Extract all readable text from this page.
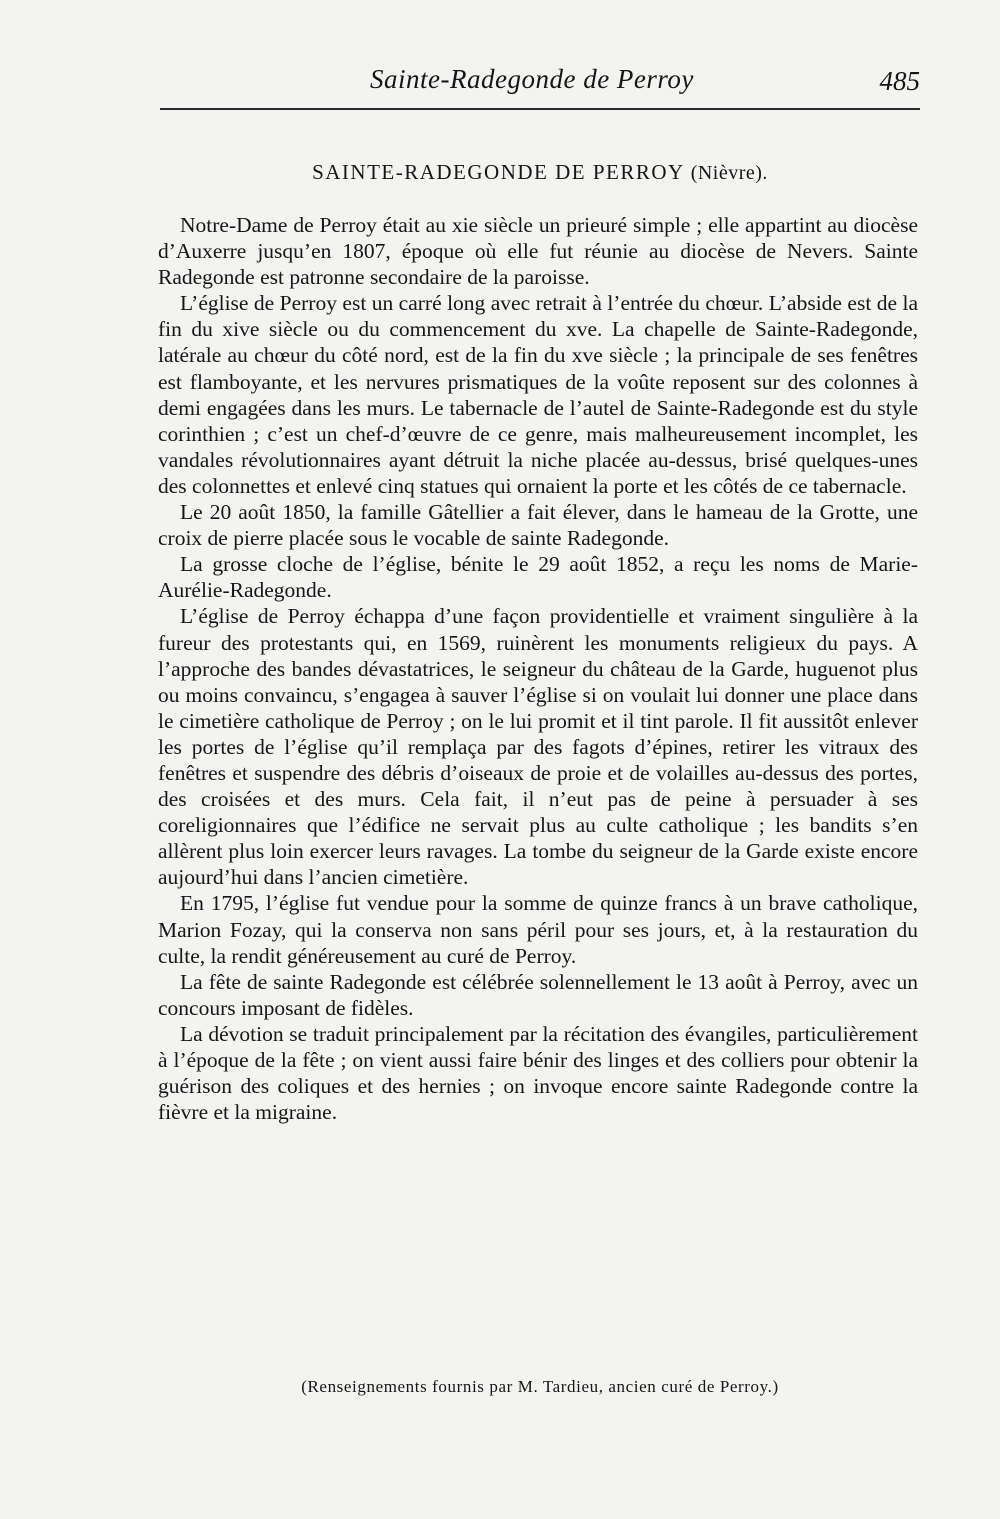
Sainte-Radegonde de Perroy	485
SAINTE-RADEGONDE DE PERROY (Nièvre).

Notre-Dame de Perroy était au xie siècle un prieuré simple ; elle appartint au diocèse d’Auxerre jusqu’en 1807, époque où elle fut réunie au diocèse de Nevers. Sainte Radegonde est patronne secondaire de la paroisse.

L’église de Perroy est un carré long avec retrait à l’entrée du chœur. L’abside est de la fin du xive siècle ou du commencement du xve. La chapelle de Sainte-Radegonde, latérale au chœur du côté nord, est de la fin du xve siècle ; la principale de ses fenêtres est flamboyante, et les nervures prismatiques de la voûte reposent sur des colonnes à demi engagées dans les murs. Le tabernacle de l’autel de Sainte-Radegonde est du style corinthien ; c’est un chef-d’œuvre de ce genre, mais malheureusement incomplet, les vandales révolutionnaires ayant détruit la niche placée au-dessus, brisé quelques-unes des colonnettes et enlevé cinq statues qui ornaient la porte et les côtés de ce tabernacle.

Le 20 août 1850, la famille Gâtellier a fait élever, dans le hameau de la Grotte, une croix de pierre placée sous le vocable de sainte Radegonde.

La grosse cloche de l’église, bénite le 29 août 1852, a reçu les noms de Marie-Aurélie-Radegonde.

L’église de Perroy échappa d’une façon providentielle et vraiment singulière à la fureur des protestants qui, en 1569, ruinèrent les monuments religieux du pays. A l’approche des bandes dévastatrices, le seigneur du château de la Garde, huguenot plus ou moins convaincu, s’engagea à sauver l’église si on voulait lui donner une place dans le cimetière catholique de Perroy ; on le lui promit et il tint parole. Il fit aussitôt enlever les portes de l’église qu’il remplaça par des fagots d’épines, retirer les vitraux des fenêtres et suspendre des débris d’oiseaux de proie et de volailles au-dessus des portes, des croisées et des murs. Cela fait, il n’eut pas de peine à persuader à ses coreligionnaires que l’édifice ne servait plus au culte catholique ; les bandits s’en allèrent plus loin exercer leurs ravages. La tombe du seigneur de la Garde existe encore aujourd’hui dans l’ancien cimetière.

En 1795, l’église fut vendue pour la somme de quinze francs à un brave catholique, Marion Fozay, qui la conserva non sans péril pour ses jours, et, à la restauration du culte, la rendit généreusement au curé de Perroy.

La fête de sainte Radegonde est célébrée solennellement le 13 août à Perroy, avec un concours imposant de fidèles.

La dévotion se traduit principalement par la récitation des évangiles, particulièrement à l’époque de la fête ; on vient aussi faire bénir des linges et des colliers pour obtenir la guérison des coliques et des hernies ; on invoque encore sainte Radegonde contre la fièvre et la migraine.

(Renseignements fournis par M. Tardieu, ancien curé de Perroy.)
